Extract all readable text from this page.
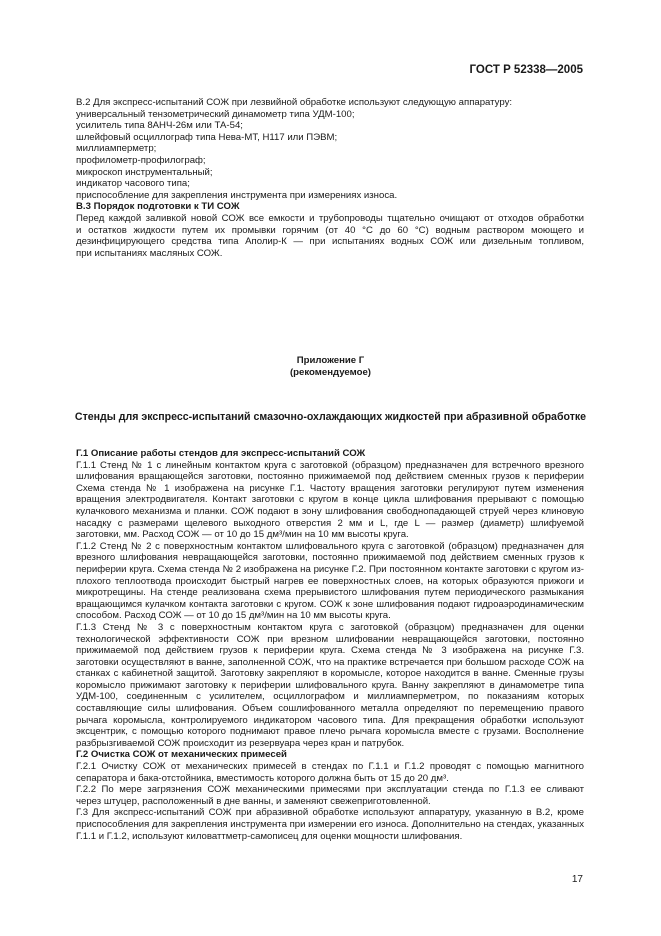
ГОСТ Р 52338—2005
В.2 Для экспресс-испытаний СОЖ при лезвийной обработке используют следующую аппаратуру:
универсальный тензометрический динамометр типа УДМ-100;
усилитель типа 8АНЧ-26м или ТА-54;
шлейфовый осциллограф типа Нева-МТ, Н117 или ПЭВМ;
миллиамперметр;
профилометр-профилограф;
микроскоп инструментальный;
индикатор часового типа;
приспособление для закрепления инструмента при измерениях износа.
В.3 Порядок подготовки к ТИ СОЖ
Перед каждой заливкой новой СОЖ все емкости и трубопроводы тщательно очищают от отходов обработки
и остатков жидкости путем их промывки горячим (от 40 °С до 60 °С) водным раствором моющего и
дезинфицирующего средства типа Аполир-К — при испытаниях водных СОЖ или дизельным топливом,
при испытаниях масляных СОЖ.
Приложение Г
(рекомендуемое)
Стенды для экспресс-испытаний смазочно-охлаждающих жидкостей при абразивной обработке
Г.1 Описание работы стендов для экспресс-испытаний СОЖ
Г.1.1 Стенд № 1 с линейным контактом круга с заготовкой (образцом) предназначен для встречного врезного
шлифования вращающейся заготовки, постоянно прижимаемой под действием сменных грузов к периферии
Схема стенда № 1 изображена на рисунке Г.1. Частоту вращения заготовки регулируют путем изменения
вращения электродвигателя. Контакт заготовки с кругом в конце цикла шлифования прерывают с помощью
кулачкового механизма и планки. СОЖ подают в зону шлифования свободнопадающей струей через клиновую
насадку с размерами щелевого выходного отверстия 2 мм и L, где L — размер (диаметр) шлифуемой
заготовки, мм. Расход СОЖ — от 10 до 15 дм³/мин на 10 мм высоты круга.
Г.1.2 Стенд № 2 с поверхностным контактом шлифовального круга с заготовкой (образцом) предназначен для
врезного шлифования невращающейся заготовки, постоянно прижимаемой под действием сменных грузов к
периферии круга. Схема стенда № 2 изображена на рисунке Г.2. При постоянном контакте заготовки с кругом из-
плохого теплоотвода происходит быстрый нагрев ее поверхностных слоев, на которых образуются прижоги и
микротрещины. На стенде реализована схема прерывистого шлифования путем периодического размыкания
вращающимся кулачком контакта заготовки с кругом. СОЖ к зоне шлифования подают гидроаэродинамическим
способом. Расход СОЖ — от 10 до 15 дм³/мин на 10 мм высоты круга.
Г.1.3 Стенд № 3 с поверхностным контактом круга с заготовкой (образцом) предназначен для оценки
технологической эффективности СОЖ при врезном шлифовании невращающейся заготовки, постоянно
прижимаемой под действием грузов к периферии круга. Схема стенда № 3 изображена на рисунке Г.3.
заготовки осуществляют в ванне, заполненной СОЖ, что на практике встречается при большом расходе СОЖ на
станках с кабинетной защитой. Заготовку закрепляют в коромысле, которое находится в ванне. Сменные грузы
коромысло прижимают заготовку к периферии шлифовального круга. Ванну закрепляют в динамометре типа
УДМ-100, соединенным с усилителем, осциллографом и миллиамперметром, по показаниям которых
составляющие силы шлифования. Объем сошлифованного металла определяют по перемещению правого
рычага коромысла, контролируемого индикатором часового типа. Для прекращения обработки используют
эксцентрик, с помощью которого поднимают правое плечо рычага коромысла вместе с грузами. Восполнение
разбрызгиваемой СОЖ происходит из резервуара через кран и патрубок.
Г.2 Очистка СОЖ от механических примесей
Г.2.1 Очистку СОЖ от механических примесей в стендах по Г.1.1 и Г.1.2 проводят с помощью магнитного
сепаратора и бака-отстойника, вместимость которого должна быть от 15 до 20 дм³.
Г.2.2 По мере загрязнения СОЖ механическими примесями при эксплуатации стенда по Г.1.3 ее сливают
через штуцер, расположенный в дне ванны, и заменяют свежеприготовленной.
Г.3 Для экспресс-испытаний СОЖ при абразивной обработке используют аппаратуру, указанную в В.2, кроме
приспособления для закрепления инструмента при измерении его износа. Дополнительно на стендах, указанных
Г.1.1 и Г.1.2, используют киловаттметр-самописец для оценки мощности шлифования.
17
